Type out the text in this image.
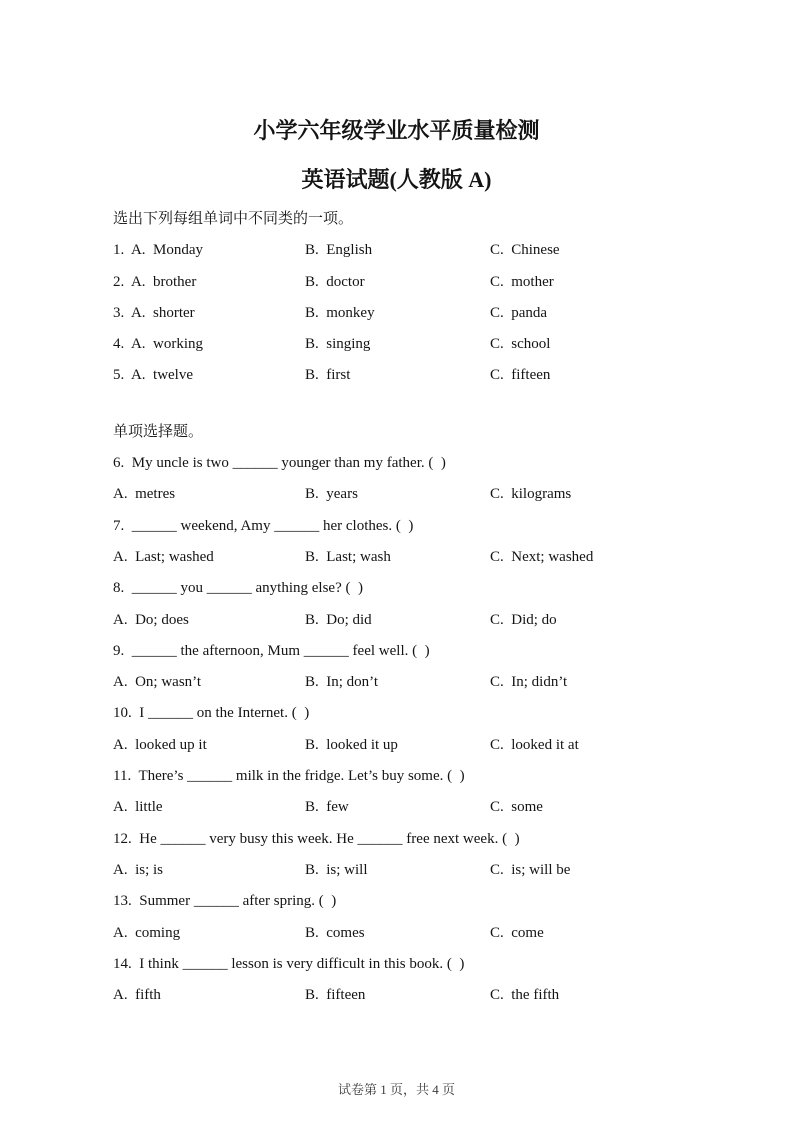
小学六年级学业水平质量检测
英语试题(人教版 A)
选出下列每组单词中不同类的一项。
1.  A.  Monday	B.  English	C.  Chinese
2.  A.  brother	B.  doctor	C.  mother
3.  A.  shorter	B.  monkey	C.  panda
4.  A.  working	B.  singing	C.  school
5.  A.  twelve	B.  first	C.  fifteen
单项选择题。
6.  My uncle is two ______ younger than my father. (  )
A.  metres	B.  years	C.  kilograms
7.  ______ weekend, Amy ______ her clothes. (  )
A.  Last; washed	B.  Last; wash	C.  Next; washed
8.  ______ you ______ anything else? (  )
A.  Do; does	B.  Do; did	C.  Did; do
9.  ______ the afternoon, Mum ______ feel well. (  )
A.  On; wasn’t	B.  In; don’t	C.  In; didn’t
10.  I ______ on the Internet. (  )
A.  looked up it	B.  looked it up	C.  looked it at
11.  There’s ______ milk in the fridge. Let’s buy some. (  )
A.  little	B.  few	C.  some
12.  He ______ very busy this week. He ______ free next week. (  )
A.  is; is	B.  is; will	C.  is; will be
13.  Summer ______ after spring. (  )
A.  coming	B.  comes	C.  come
14.  I think ______ lesson is very difficult in this book. (  )
A.  fifth	B.  fifteen	C.  the fifth
试卷第 1 页，共 4 页
